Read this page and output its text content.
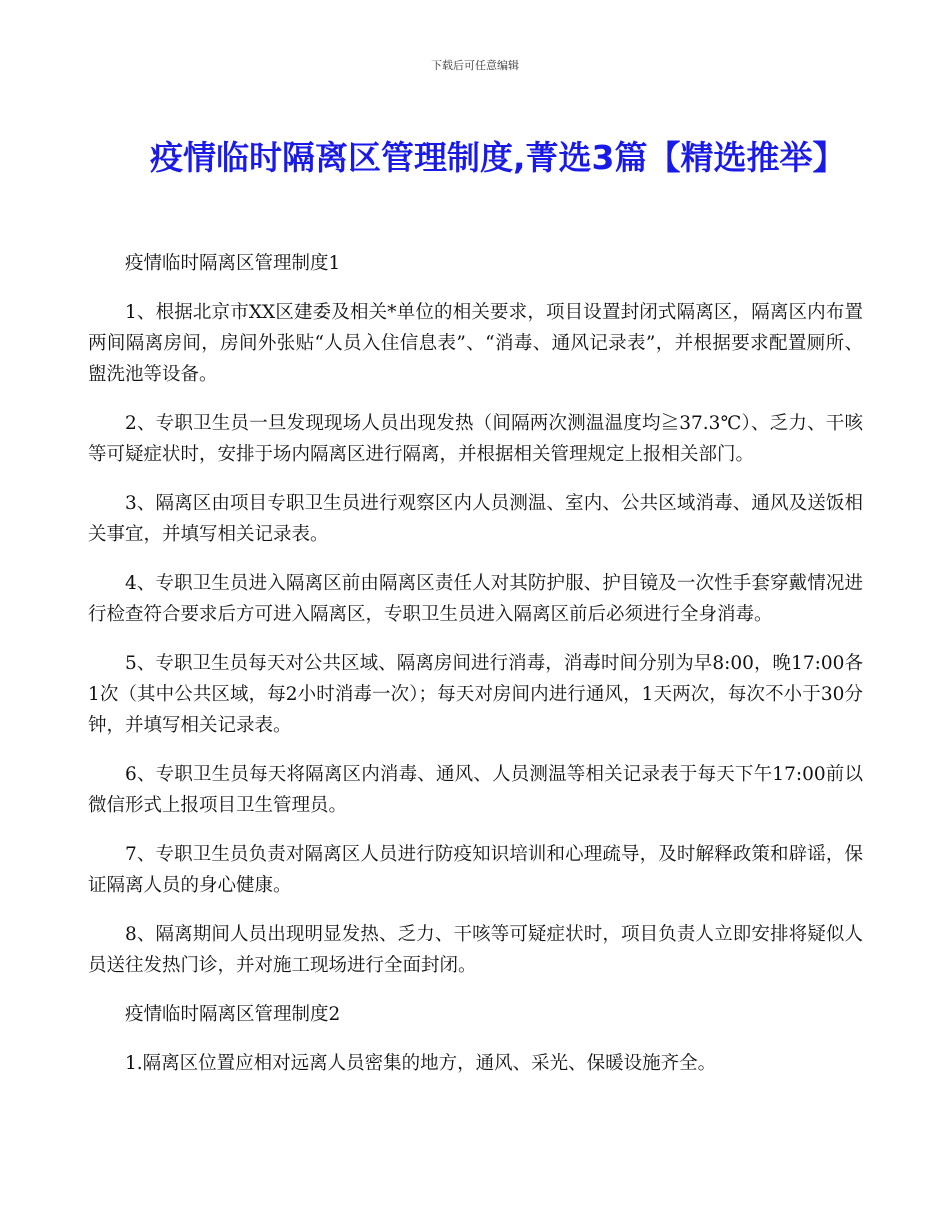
下载后可任意编辑
疫情临时隔离区管理制度,菁选3篇【精选推举】

疫情临时隔离区管理制度1

1、根据北京市XX区建委及相关*单位的相关要求，项目设置封闭式隔离区，隔离区内布置两间隔离房间，房间外张贴“人员入住信息表”、“消毒、通风记录表”，并根据要求配置厕所、盥洗池等设备。

2、专职卫生员一旦发现现场人员出现发热（间隔两次测温温度均≧37.3℃）、乏力、干咳等可疑症状时，安排于场内隔离区进行隔离，并根据相关管理规定上报相关部门。

3、隔离区由项目专职卫生员进行观察区内人员测温、室内、公共区域消毒、通风及送饭相关事宜，并填写相关记录表。

4、专职卫生员进入隔离区前由隔离区责任人对其防护服、护目镜及一次性手套穿戴情况进行检查符合要求后方可进入隔离区，专职卫生员进入隔离区前后必须进行全身消毒。

5、专职卫生员每天对公共区域、隔离房间进行消毒，消毒时间分别为早8:00，晚17:00各1次（其中公共区域，每2小时消毒一次）；每天对房间内进行通风，1天两次，每次不小于30分钟，并填写相关记录表。

6、专职卫生员每天将隔离区内消毒、通风、人员测温等相关记录表于每天下午17:00前以微信形式上报项目卫生管理员。

7、专职卫生员负责对隔离区人员进行防疫知识培训和心理疏导，及时解释政策和辟谣，保证隔离人员的身心健康。

8、隔离期间人员出现明显发热、乏力、干咳等可疑症状时，项目负责人立即安排将疑似人员送往发热门诊，并对施工现场进行全面封闭。

疫情临时隔离区管理制度2

1.隔离区位置应相对远离人员密集的地方，通风、采光、保暖设施齐全。
